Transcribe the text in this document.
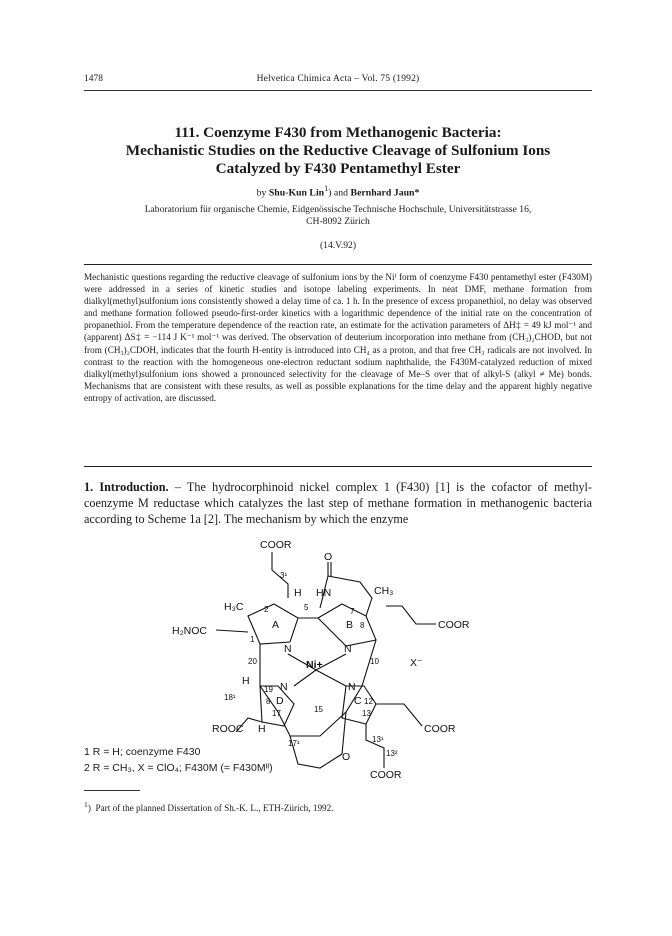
1478	Helvetica Chimica Acta – Vol. 75 (1992)
111. Coenzyme F430 from Methanogenic Bacteria:
Mechanistic Studies on the Reductive Cleavage of Sulfonium Ions
Catalyzed by F430 Pentamethyl Ester
by Shu-Kun Lin$^1$) and Bernhard Jaun*
Laboratorium für organische Chemie, Eidgenössische Technische Hochschule, Universitätstrasse 16,
CH-8092 Zürich
(14.V.92)

Mechanistic questions regarding the reductive cleavage of sulfonium ions by the Niᴵ form of coenzyme F430 pentamethyl ester (F430M) were addressed in a series of kinetic studies and isotope labeling experiments. In neat DMF, methane formation from dialkyl(methyl)sulfonium ions consistently showed a delay time of ca. 1 h. In the presence of excess propanethiol, no delay was observed and methane formation followed pseudo-first-order kinetics with a logarithmic dependence of the initial rate on the concentration of propanethiol. From the temperature dependence of the reaction rate, an estimate for the activation parameters of ΔH‡ = 49 kJ mol⁻¹ and (apparent) ΔS‡ = −114 J K⁻¹ mol⁻¹ was derived. The observation of deuterium incorporation into methane from (CH₃)₂CHOD, but not from (CH₃)₂CDOH, indicates that the fourth H-entity is introduced into CH₄ as a proton, and that free CH₃ radicals are not involved. In contrast to the reaction with the homogeneous one-electron reductant sodium naphthalide, the F430M-catalyzed reduction of mixed dialkyl(methyl)sulfonium ions showed a pronounced selectivity for the cleavage of Me–S over that of alkyl-S (alkyl ≠ Me) bonds. Mechanisms that are consistent with these results, as well as possible explanations for the time delay and the apparent highly negative entropy of activation, are discussed.

1. Introduction. – The hydrocorphinoid nickel complex 1 (F430) [1] is the cofactor of methyl-coenzyme M reductase which catalyzes the last step of methane formation in methanogenic bacteria according to Scheme 1a [2]. The mechanism by which the enzyme

COOR
O
3¹
H HN	CH₃
H₃C	2
A
5	7
B 8	COOR
H₂NOC
1
N	N
20	Ni+	10	X⁻
H
19 N	N
18¹	8 D	C 12
15	13
17
ROOC H	COOR
17¹	13¹
13²
O
COOR
1 R = H; coenzyme F430
2 R = CH₃, X = ClO₄; F430M (= F430Mᴵᴵ)
$^1$)  Part of the planned Dissertation of Sh.-K. L., ETH-Zürich, 1992.
